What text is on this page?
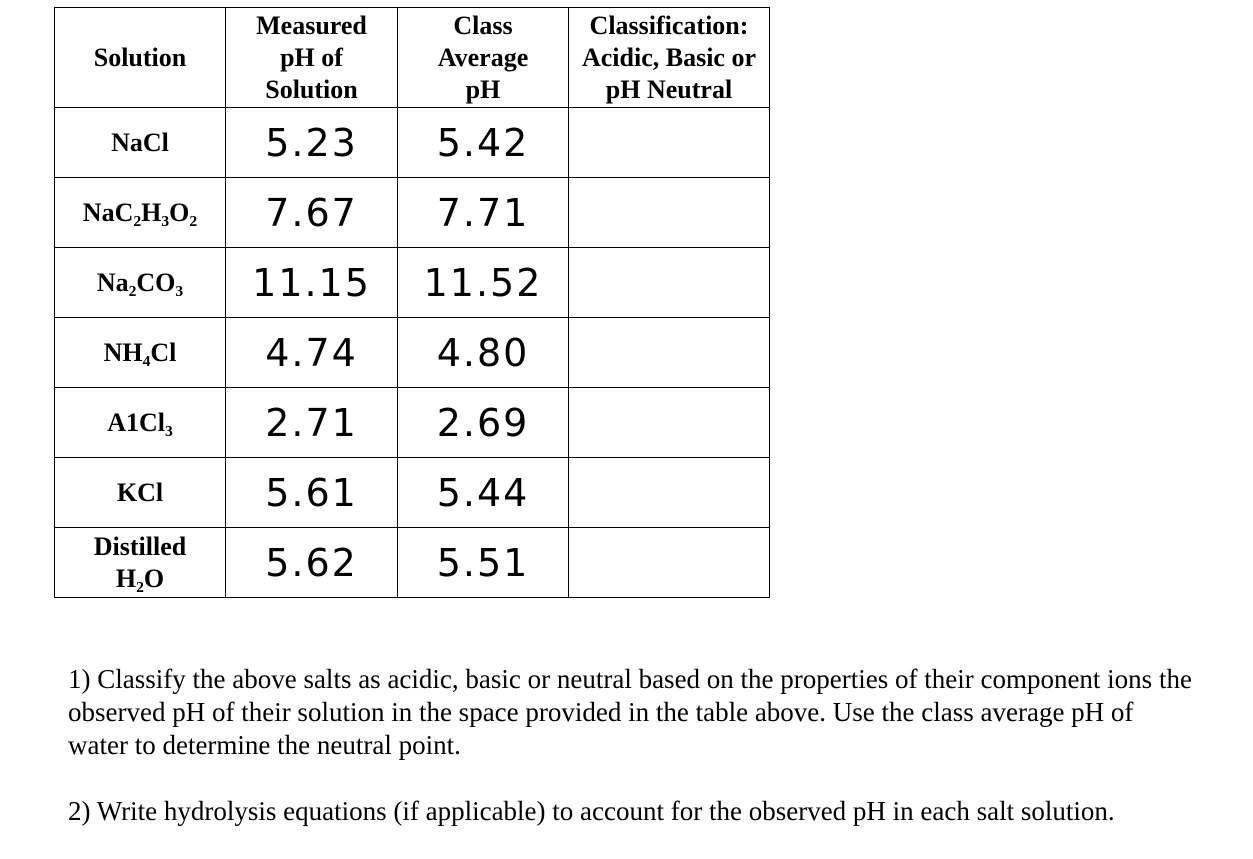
Solution	Measured pH of Solution	Class Average pH	Classification: Acidic, Basic or pH Neutral
NaCl	5.23	5.42	
NaC₂H₃O₂	7.67	7.71	
Na₂CO₃	11.15	11.52	
NH₄Cl	4.74	4.80	
A1Cl₃	2.71	2.69	
KCl	5.61	5.44	
Distilled H₂O	5.62	5.51	

1) Classify the above salts as acidic, basic or neutral based on the properties of their component ions the observed pH of their solution in the space provided in the table above. Use the class average pH of water to determine the neutral point.

2) Write hydrolysis equations (if applicable) to account for the observed pH in each salt solution.
